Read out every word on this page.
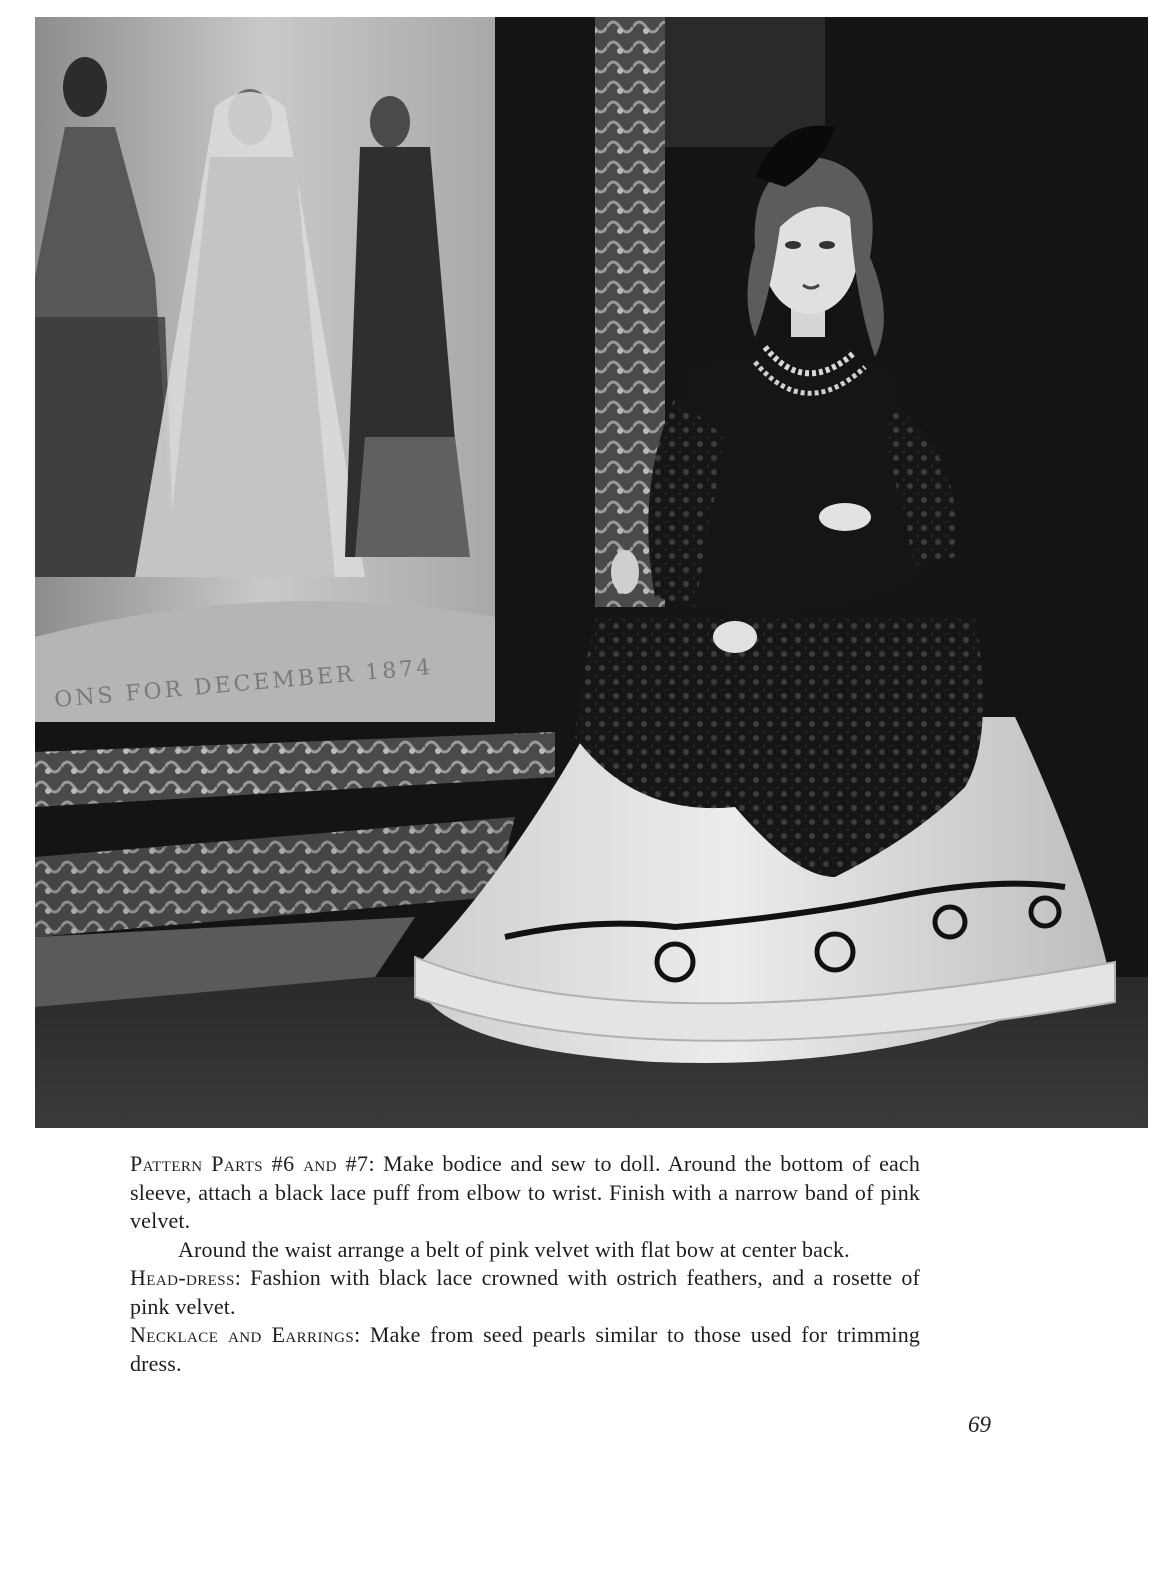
ONS FOR DECEMBER 1874

Pattern Parts #6 and #7: Make bodice and sew to doll. Around the bottom of each sleeve, attach a black lace puff from elbow to wrist. Finish with a narrow band of pink velvet.

Around the waist arrange a belt of pink velvet with flat bow at center back.

Head-dress: Fashion with black lace crowned with ostrich feathers, and a rosette of pink velvet.

Necklace and Earrings: Make from seed pearls similar to those used for trimming dress.

69
